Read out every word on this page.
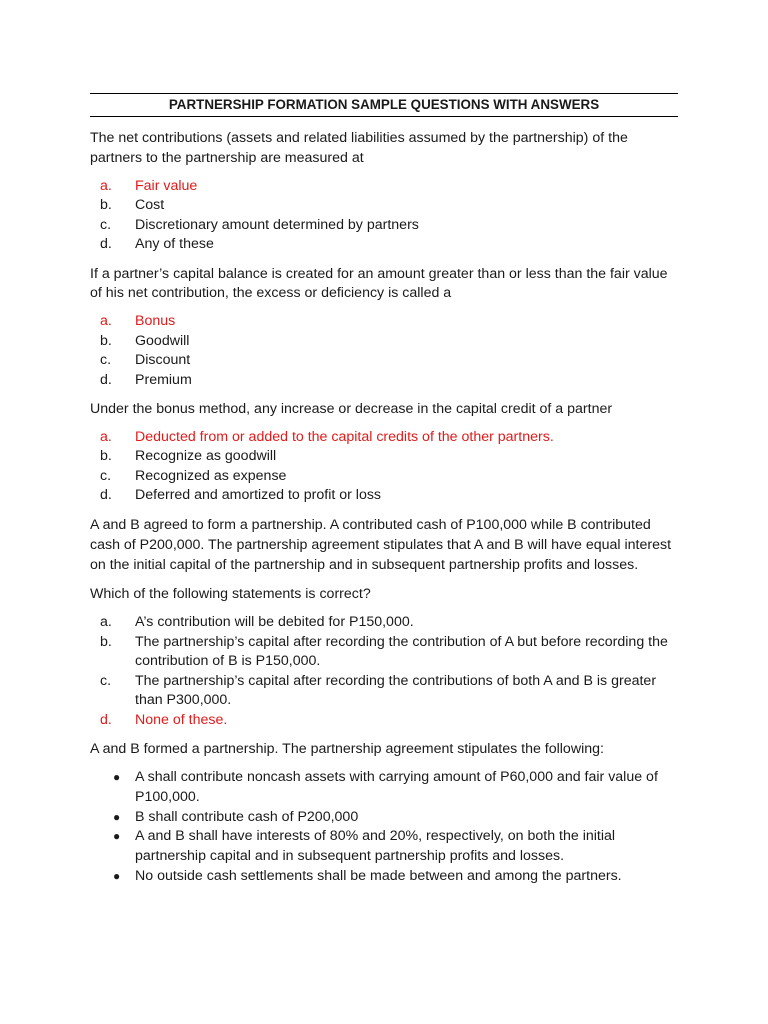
PARTNERSHIP FORMATION SAMPLE QUESTIONS WITH ANSWERS

The net contributions (assets and related liabilities assumed by the partnership) of the partners to the partnership are measured at

a.	Fair value
b.	Cost
c.	Discretionary amount determined by partners
d.	Any of these

If a partner’s capital balance is created for an amount greater than or less than the fair value of his net contribution, the excess or deficiency is called a

a.	Bonus
b.	Goodwill
c.	Discount
d.	Premium

Under the bonus method, any increase or decrease in the capital credit of a partner

a.	Deducted from or added to the capital credits of the other partners.
b.	Recognize as goodwill
c.	Recognized as expense
d.	Deferred and amortized to profit or loss

A and B agreed to form a partnership. A contributed cash of P100,000 while B contributed cash of P200,000. The partnership agreement stipulates that A and B will have equal interest on the initial capital of the partnership and in subsequent partnership profits and losses.

Which of the following statements is correct?

a.	A’s contribution will be debited for P150,000.
b.	The partnership’s capital after recording the contribution of A but before recording the contribution of B is P150,000.
c.	The partnership’s capital after recording the contributions of both A and B is greater than P300,000.
d.	None of these.

A and B formed a partnership. The partnership agreement stipulates the following:

●	A shall contribute noncash assets with carrying amount of P60,000 and fair value of P100,000.
●	B shall contribute cash of P200,000
●	A and B shall have interests of 80% and 20%, respectively, on both the initial partnership capital and in subsequent partnership profits and losses.
●	No outside cash settlements shall be made between and among the partners.
